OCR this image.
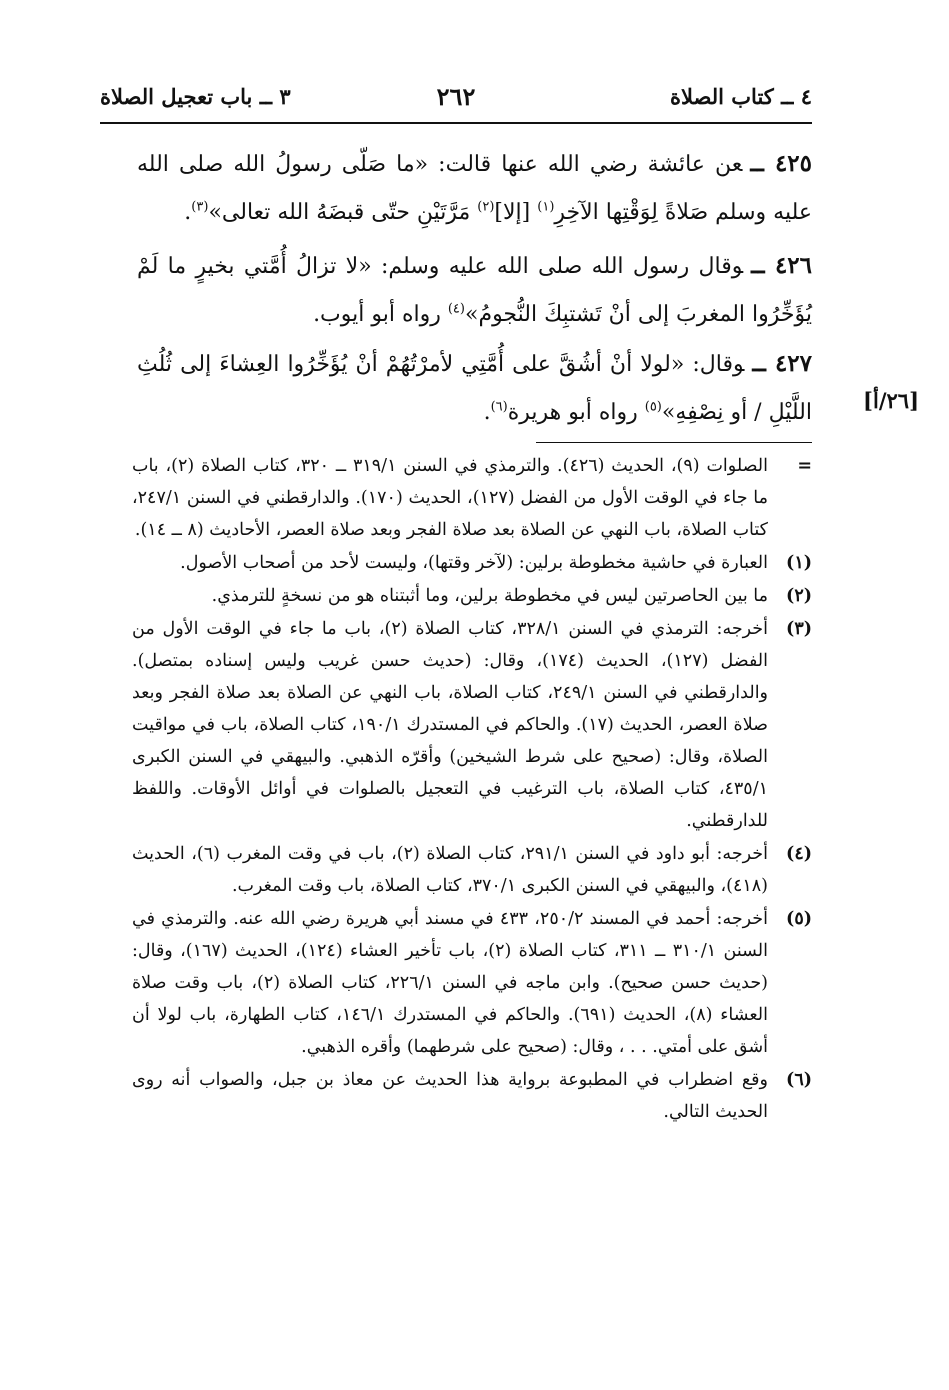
٤ ــ كتاب الصلاة
٢٦٢
٣ ــ باب تعجيل الصلاة

٤٢٥ ــعن عائشة رضي الله عنها قالت: «ما صَلّى رسولُ الله صلى الله عليه وسلم صَلاةً لِوَقْتِها الآخِرِ$^{(١)}$ [إلا]$^{(٢)}$ مَرَّتَيْنِ حتّى قبضَهُ الله تعالى»$^{(٣)}$.

٤٢٦ ــوقال رسول الله صلى الله عليه وسلم: «لا تزالُ أُمَّتي بخيرٍ ما لَمْ يُؤَخِّرُوا المغربَ إلى أنْ تَشتبِكَ النُّجومُ»$^{(٤)}$ رواه أبو أيوب.

٤٢٧ ــوقال: «لولا أنْ أشُقَّ على أُمَّتِي لأمرْتُهُمْ أنْ يُؤَخِّرُوا العِشاءَ إلى ثُلُثِ اللَّيْلِ / أو نِصْفِهِ»$^{(٥)}$ رواه أبو هريرة$^{(٦)}$.	[٢٦/أ]
=
الصلوات (٩)، الحديث (٤٢٦). والترمذي في السنن ٣١٩/١ ــ ٣٢٠، كتاب الصلاة (٢)، باب ما جاء في الوقت الأول من الفضل (١٢٧)، الحديث (١٧٠). والدارقطني في السنن ٢٤٧/١، كتاب الصلاة، باب النهي عن الصلاة بعد صلاة الفجر وبعد صلاة العصر، الأحاديث (٨ ــ ١٤).
(١)
العبارة في حاشية مخطوطة برلين: (لآخر وقتها)، وليست لأحد من أصحاب الأصول.
(٢)
ما بين الحاصرتين ليس في مخطوطة برلين، وما أثبتناه هو من نسخةٍ للترمذي.
(٣)
أخرجه: الترمذي في السنن ٣٢٨/١، كتاب الصلاة (٢)، باب ما جاء في الوقت الأول من الفضل (١٢٧)، الحديث (١٧٤)، وقال: (حديث حسن غريب وليس إسناده بمتصل). والدارقطني في السنن ٢٤٩/١، كتاب الصلاة، باب النهي عن الصلاة بعد صلاة الفجر وبعد صلاة العصر، الحديث (١٧). والحاكم في المستدرك ١٩٠/١، كتاب الصلاة، باب في مواقيت الصلاة، وقال: (صحيح على شرط الشيخين) وأقرّه الذهبي. والبيهقي في السنن الكبرى ٤٣٥/١، كتاب الصلاة، باب الترغيب في التعجيل بالصلوات في أوائل الأوقات. واللفظ للدارقطني.
(٤)
أخرجه: أبو داود في السنن ٢٩١/١، كتاب الصلاة (٢)، باب في وقت المغرب (٦)، الحديث (٤١٨)، والبيهقي في السنن الكبرى ٣٧٠/١، كتاب الصلاة، باب وقت المغرب.
(٥)
أخرجه: أحمد في المسند ٢٥٠/٢، ٤٣٣ في مسند أبي هريرة رضي الله عنه. والترمذي في السنن ٣١٠/١ ــ ٣١١، كتاب الصلاة (٢)، باب تأخير العشاء (١٢٤)، الحديث (١٦٧)، وقال: (حديث حسن صحيح). وابن ماجه في السنن ٢٢٦/١، كتاب الصلاة (٢)، باب وقت صلاة العشاء (٨)، الحديث (٦٩١). والحاكم في المستدرك ١٤٦/١، كتاب الطهارة، باب لولا أن أشق على أمتي. . . ، وقال: (صحيح على شرطهما) وأقره الذهبي.
(٦)
وقع اضطراب في المطبوعة برواية هذا الحديث عن معاذ بن جبل، والصواب أنه روى الحديث التالي.
